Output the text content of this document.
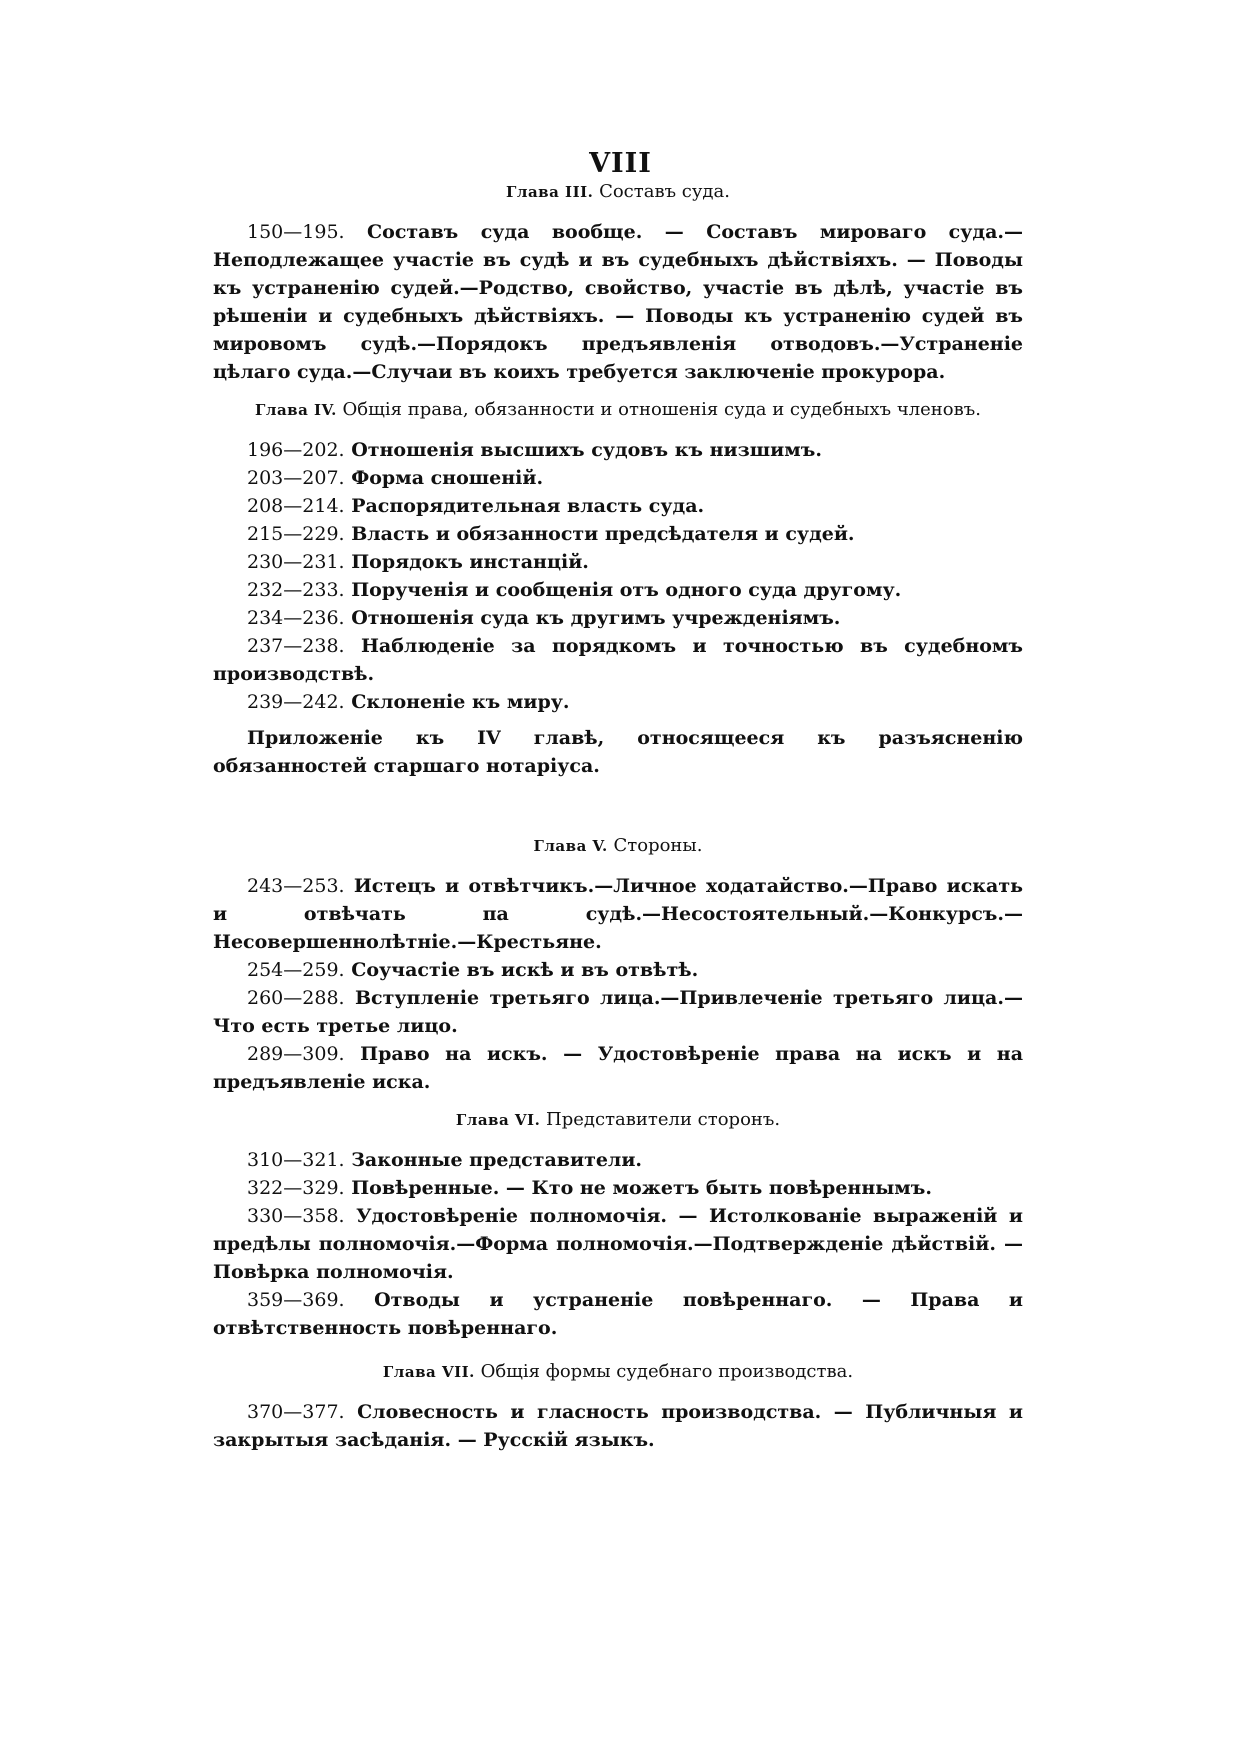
VIII

Глава III. Составъ суда.

150—195. Составъ суда вообще. — Составъ мировагo суда.—Неподлежащее участіе въ судѣ и въ судебныхъ дѣйствіяхъ. — Поводы къ устраненію судей.—Родство, свойство, участіе въ дѣлѣ, участіе въ рѣшеніи и судебныхъ дѣйствіяхъ. — Поводы къ устраненію судей въ мировомъ судѣ.—Порядокъ предъявленія отводовъ.—Устраненіе цѣлаго суда.—Случаи въ коихъ требуется заключеніе прокурора.

Глава IV. Общія права, обязанности и отношенія суда и судебныхъ членовъ.

196—202. Отношенія высшихъ судовъ къ низшимъ.
203—207. Форма сношеній.
208—214. Распорядительная власть суда.
215—229. Власть и обязанности предсѣдателя и судей.
230—231. Порядокъ инстанцій.
232—233. Порученія и сообщенія отъ одного суда другому.
234—236. Отношенія суда къ другимъ учрежденіямъ.
237—238. Наблюденіе за порядкомъ и точностью въ судебномъ производствѣ.
239—242. Склоненіе къ миру.

Приложеніе къ IV главѣ, относящееся къ разъясненію обязанностей старшаго нотаріуса.

Глава V. Стороны.

243—253. Истецъ и отвѣтчикъ.—Личное ходатайство.—Право искать и отвѣчать па судѣ.—Несостоятельный.—Конкурсъ.—Несовершеннолѣтніе.—Крестьяне.
254—259. Соучастіе въ искѣ и въ отвѣтѣ.
260—288. Вступленіе третьяго лица.—Привлеченіе третьяго лица.—Что есть третье лицо.
289—309. Право на искъ. — Удостовѣреніе права на искъ и на предъявленіе иска.

Глава VI. Представители сторонъ.

310—321. Законные представители.
322—329. Повѣренные. — Кто не можетъ быть повѣреннымъ.
330—358. Удостовѣреніе полномочія. — Истолкованіе выраженій и предѣлы полномочія.—Форма полномочія.—Подтвержденіе дѣйствій. — Повѣрка полномочія.
359—369. Отводы и устраненіе повѣреннаго. — Права и отвѣтственность повѣреннаго.

Глава VII. Общія формы судебнаго производства.

370—377. Словесность и гласность производства. — Публичныя и закрытыя засѣданія. — Русскій языкъ.
